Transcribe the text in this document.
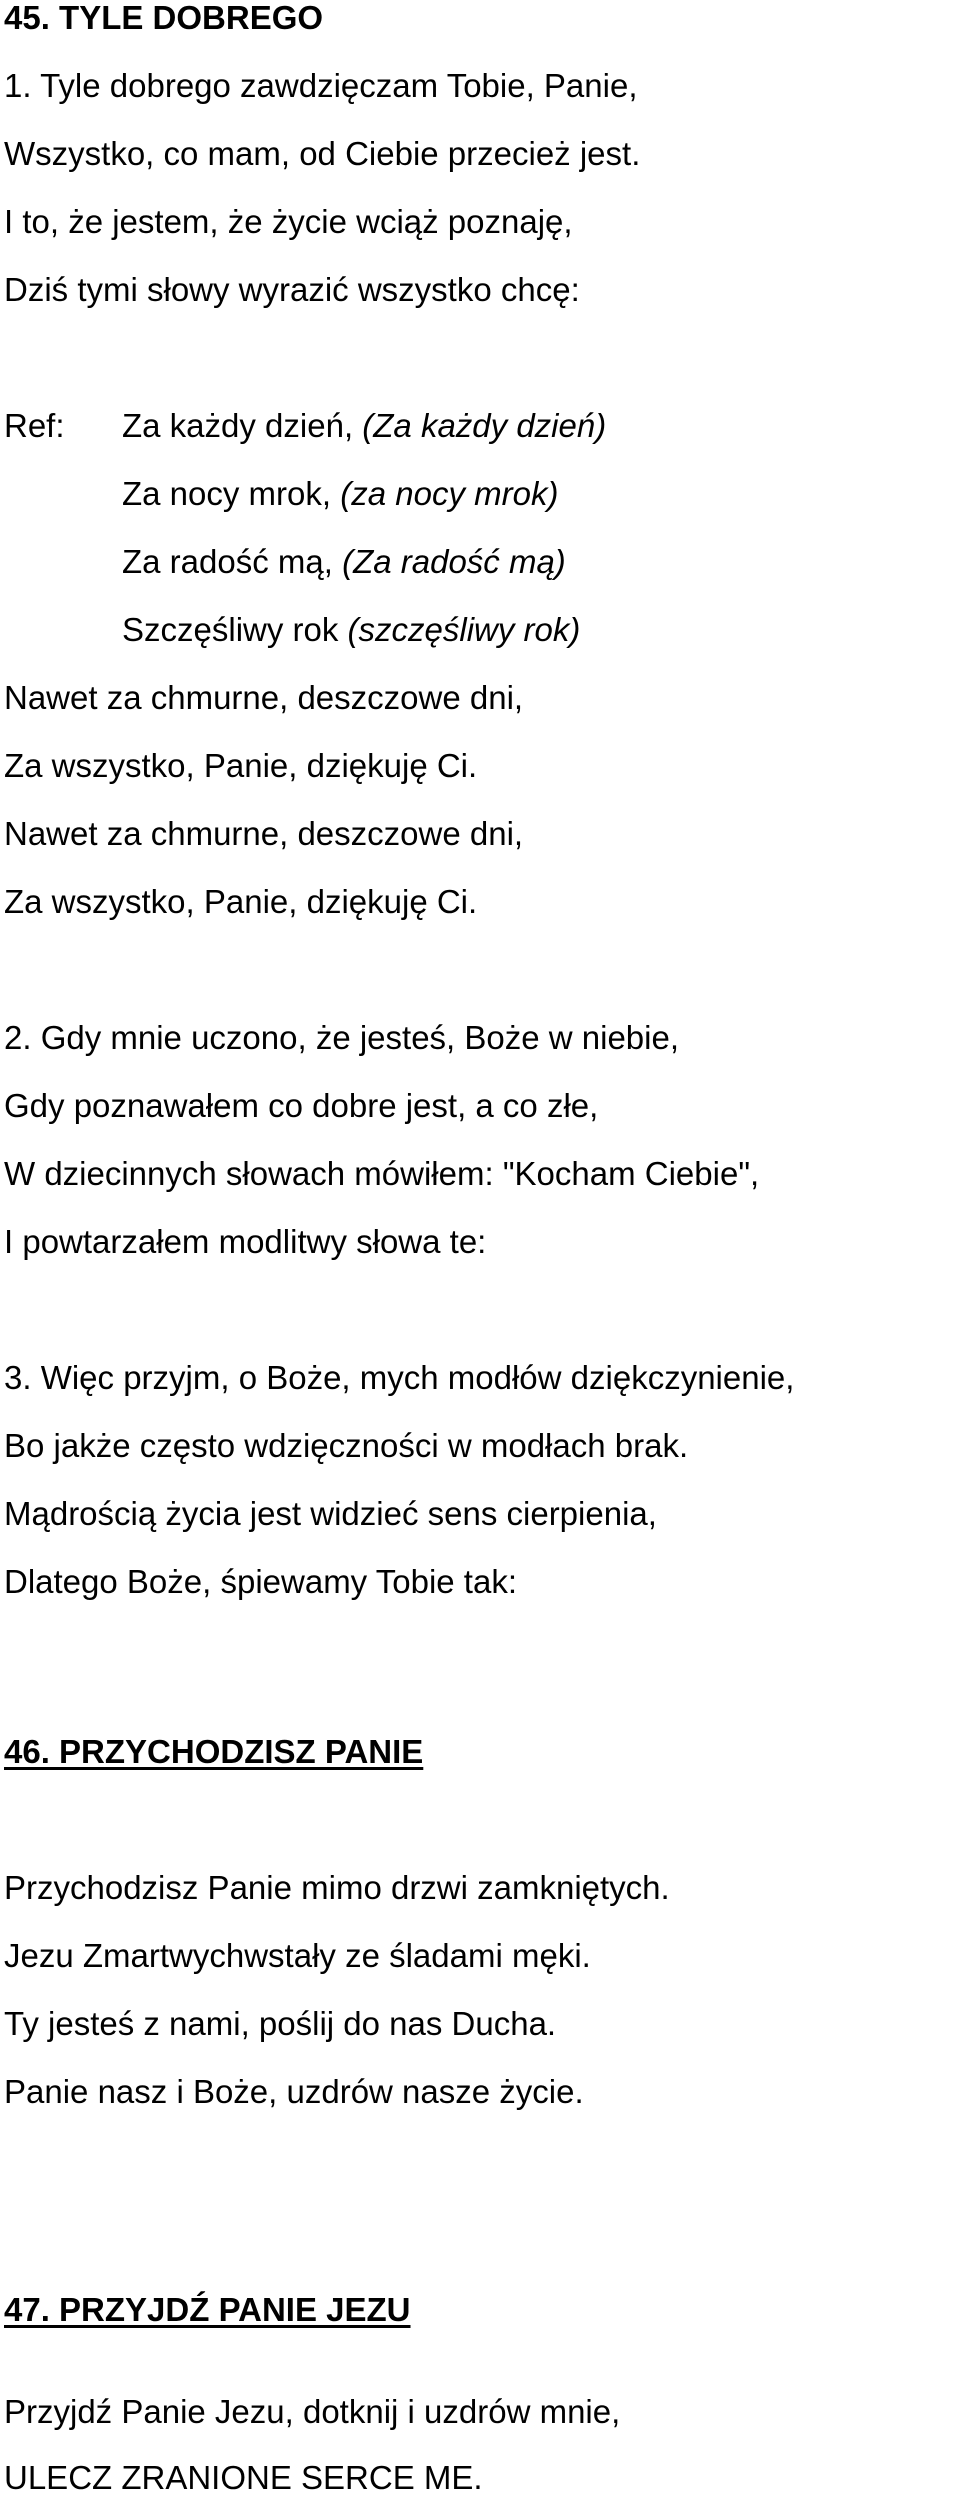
45. TYLE DOBREGO
1. Tyle dobrego zawdzięczam Tobie, Panie,
Wszystko, co mam, od Ciebie przecież jest.
I to, że jestem, że życie wciąż poznaję,
Dziś tymi słowy wyrazić wszystko chcę:
Ref: Za każdy dzień, (Za każdy dzień)
Za nocy mrok, (za nocy mrok)
Za radość mą, (Za radość mą)
Szczęśliwy rok (szczęśliwy rok)
Nawet za chmurne, deszczowe dni,
Za wszystko, Panie, dziękuję Ci.
Nawet za chmurne, deszczowe dni,
Za wszystko, Panie, dziękuję Ci.
2. Gdy mnie uczono, że jesteś, Boże w niebie,
Gdy poznawałem co dobre jest, a co złe,
W dziecinnych słowach mówiłem: "Kocham Ciebie",
I powtarzałem modlitwy słowa te:
3. Więc przyjm, o Boże, mych modłów dziękczynienie,
Bo jakże często wdzięczności w modłach brak.
Mądrością życia jest widzieć sens cierpienia,
Dlatego Boże, śpiewamy Tobie tak:
46. PRZYCHODZISZ PANIE
Przychodzisz Panie mimo drzwi zamkniętych.
Jezu Zmartwychwstały ze śladami męki.
Ty jesteś z nami, poślij do nas Ducha.
Panie nasz i Boże, uzdrów nasze życie.
47. PRZYJDŹ PANIE JEZU
Przyjdź Panie Jezu, dotknij i uzdrów mnie,
ULECZ ZRANIONE SERCE ME.
